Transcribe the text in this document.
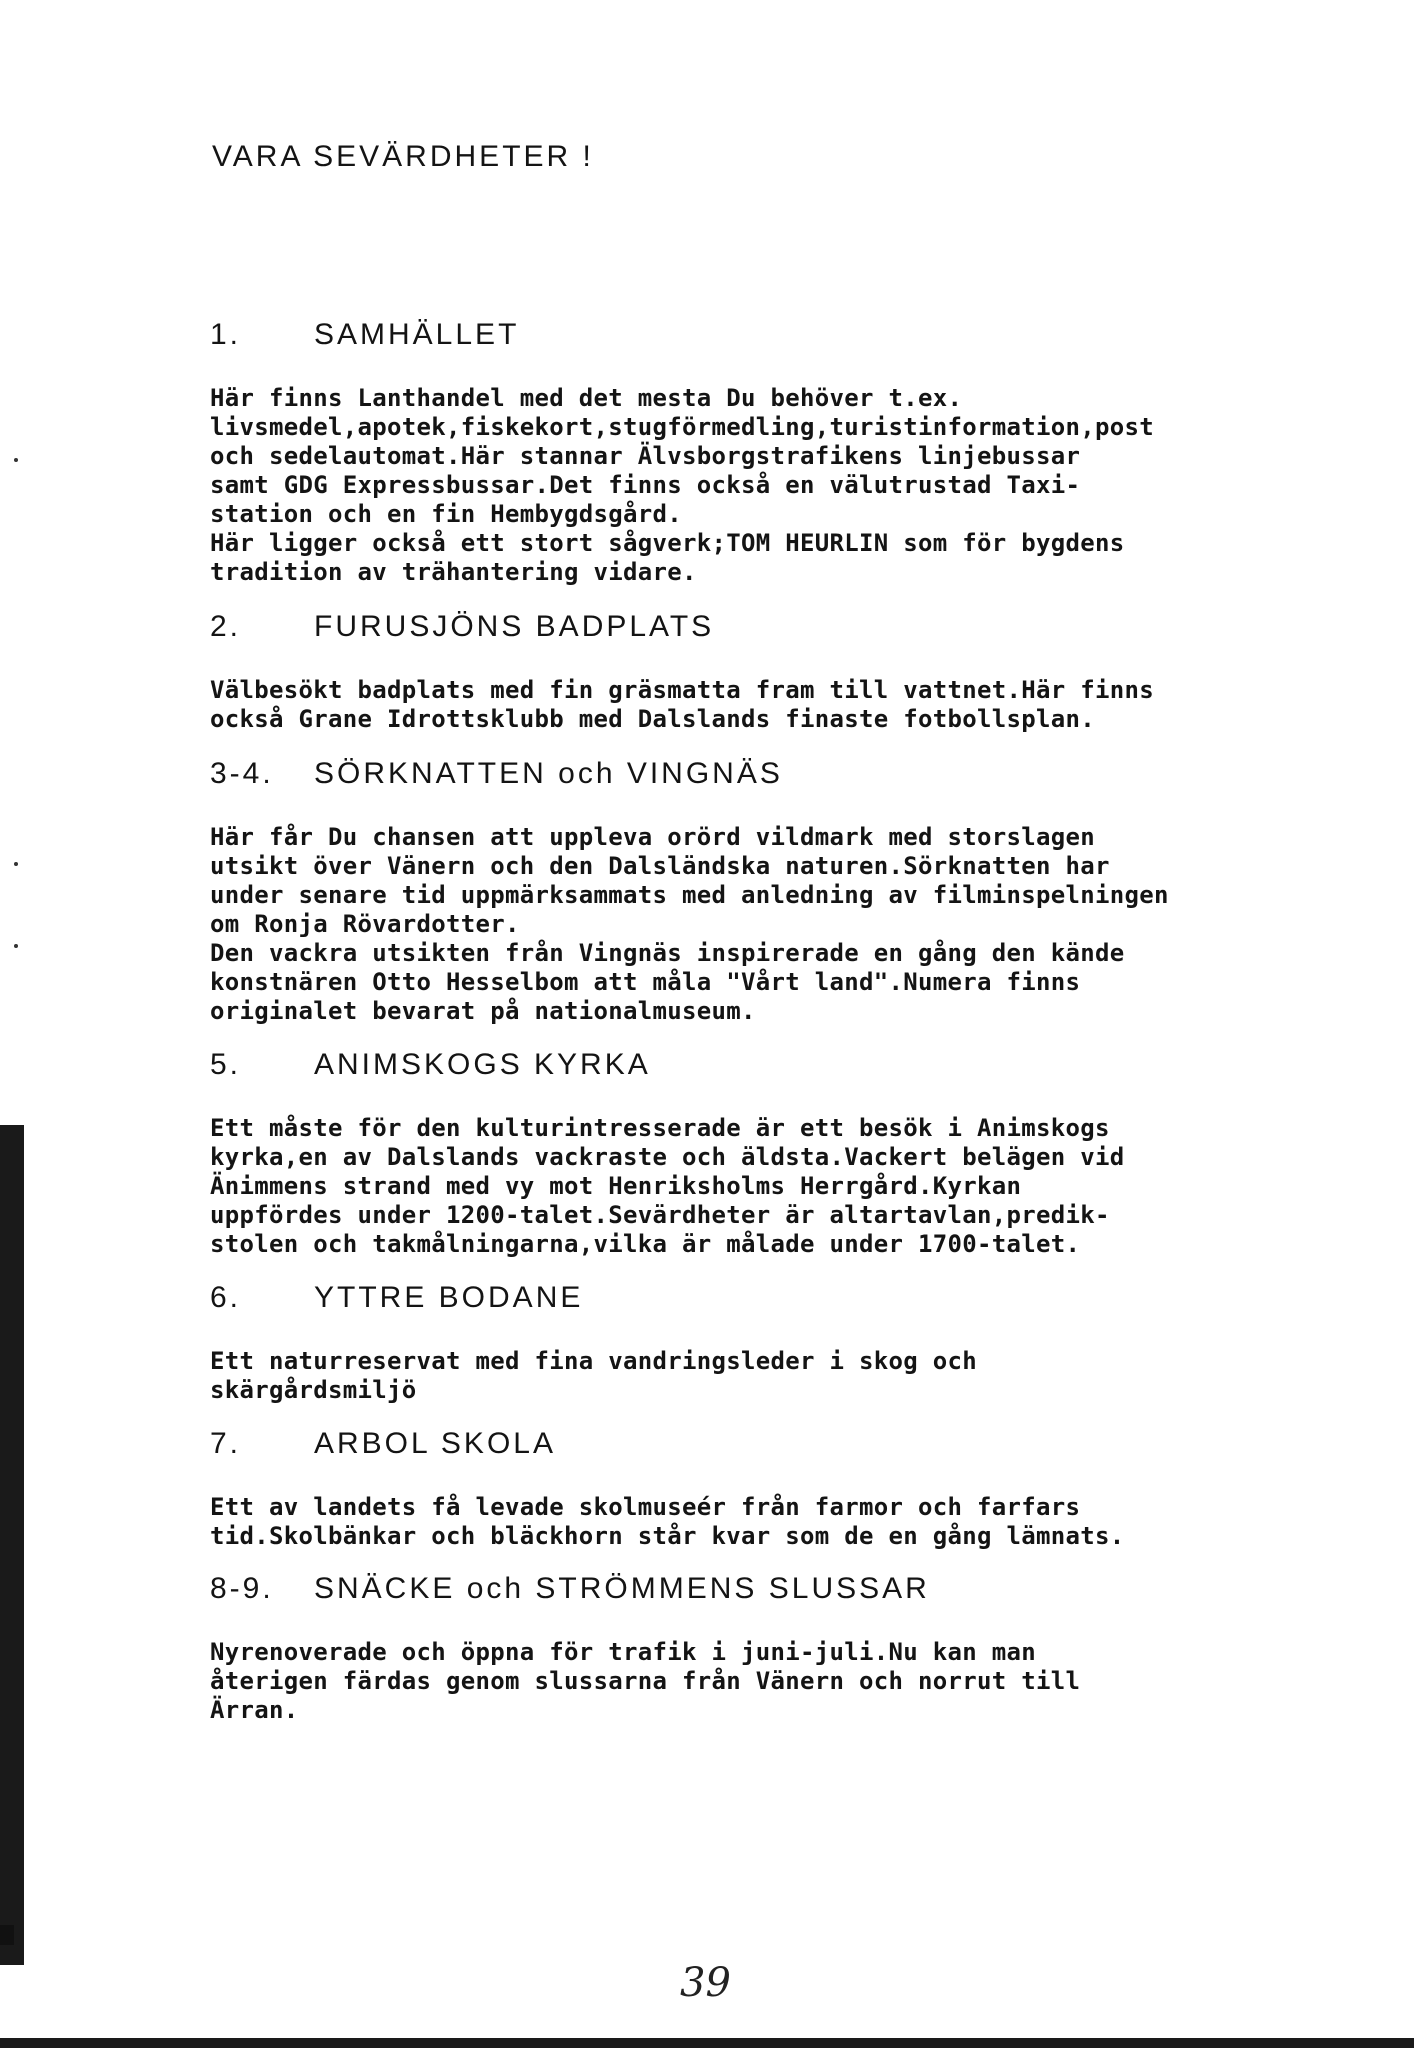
VARA SEVÄRDHETER !
1. SAMHÄLLET

Här finns Lanthandel med det mesta Du behöver t.ex.
livsmedel,apotek,fiskekort,stugförmedling,turistinformation,post
och sedelautomat.Här stannar Älvsborgstrafikens linjebussar
samt GDG Expressbussar.Det finns också en välutrustad Taxi-
station och en fin Hembygdsgård.
Här ligger också ett stort sågverk;TOM HEURLIN som för bygdens
tradition av trähantering vidare.

2. FURUSJÖNS BADPLATS

Välbesökt badplats med fin gräsmatta fram till vattnet.Här finns
också Grane Idrottsklubb med Dalslands finaste fotbollsplan.

3-4. SÖRKNATTEN och VINGNÄS

Här får Du chansen att uppleva orörd vildmark med storslagen
utsikt över Vänern och den Dalsländska naturen.Sörknatten har
under senare tid uppmärksammats med anledning av filminspelningen
om Ronja Rövardotter.
Den vackra utsikten från Vingnäs inspirerade en gång den kände
konstnären Otto Hesselbom att måla "Vårt land".Numera finns
originalet bevarat på nationalmuseum.

5. ANIMSKOGS KYRKA

Ett måste för den kulturintresserade är ett besök i Animskogs
kyrka,en av Dalslands vackraste och äldsta.Vackert belägen vid
Änimmens strand med vy mot Henriksholms Herrgård.Kyrkan
uppfördes under 1200-talet.Sevärdheter är altartavlan,predik-
stolen och takmålningarna,vilka är målade under 1700-talet.

6. YTTRE BODANE

Ett naturreservat med fina vandringsleder i skog och
skärgårdsmiljö

7. ARBOL SKOLA

Ett av landets få levade skolmuseér från farmor och farfars
tid.Skolbänkar och bläckhorn står kvar som de en gång lämnats.

8-9. SNÄCKE och STRÖMMENS SLUSSAR

Nyrenoverade och öppna för trafik i juni-juli.Nu kan man
återigen färdas genom slussarna från Vänern och norrut till
Ärran.

39
